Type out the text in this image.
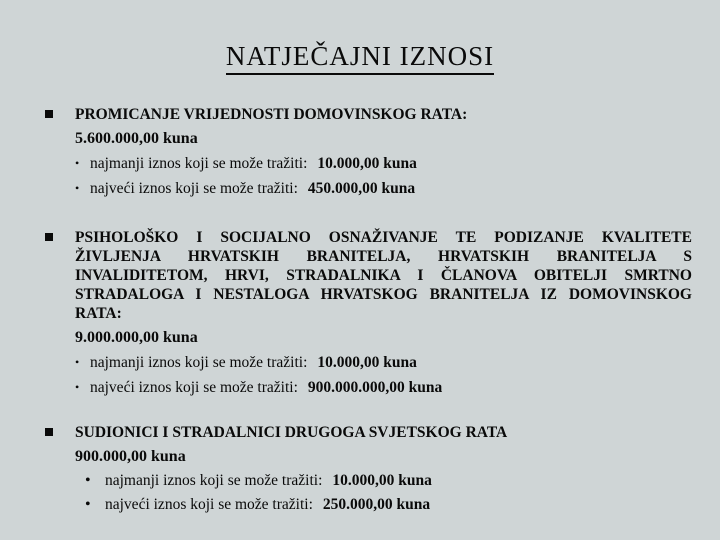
NATJEČAJNI IZNOSI
PROMICANJE VRIJEDNOSTI DOMOVINSKOG RATA:
5.600.000,00 kuna
• najmanji iznos koji se može tražiti: 10.000,00 kuna
• najveći iznos koji se može tražiti: 450.000,00 kuna
PSIHOLOŠKO I SOCIJALNO OSNAŽIVANJE TE PODIZANJE KVALITETE ŽIVLJENJA HRVATSKIH BRANITELJA, HRVATSKIH BRANITELJA S INVALIDITETOM, HRVI, STRADALNIKA I ČLANOVA OBITELJI SMRTNO STRADALOGA I NESTALOGA HRVATSKOG BRANITELJA IZ DOMOVINSKOG RATA:
9.000.000,00 kuna
• najmanji iznos koji se može tražiti: 10.000,00 kuna
• najveći iznos koji se može tražiti: 900.000.000,00 kuna
SUDIONICI I STRADALNICI DRUGOGA SVJETSKOG RATA
900.000,00 kuna
• najmanji iznos koji se može tražiti: 10.000,00 kuna
• najveći iznos koji se može tražiti: 250.000,00 kuna
